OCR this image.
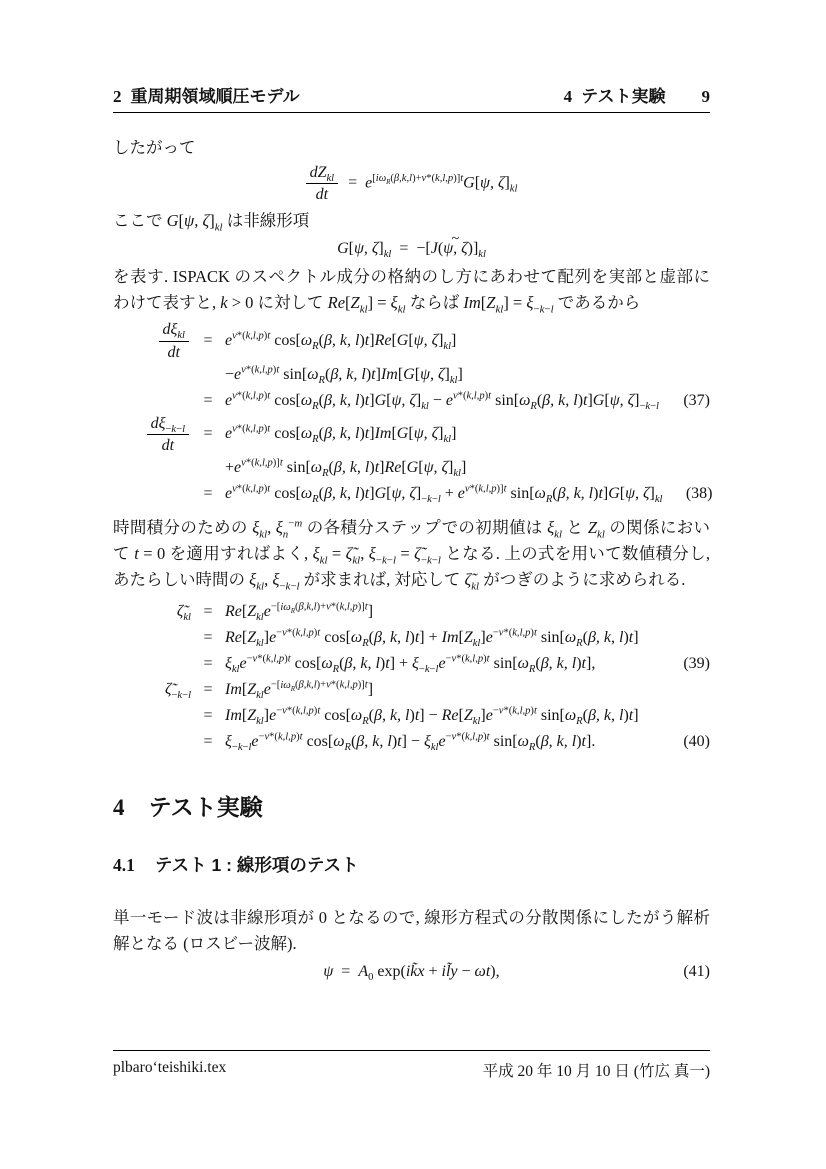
2 重周期領域順圧モデル	4 テスト実験 9
したがって
$dZ_{kl}$
dt
= $e^{[i\omega_R(\beta,k,l)+\nu*(k,l,p)]t}G[\psi$, $\zeta]_{kl}$
ここで G[ψ, $\zeta]_{kl}$ は非線形項
G[ψ, $\zeta]_{kl} = -[J(\psi$, ζ $\sim)]_{kl}$
を表す. ISPACK のスペクトル成分の格納のし方にあわせて配列を実部と虚部にわけて表すと, k > 0 に対して $Re[Z_{kl}] = \xi_{kl}$ ならば $Im[Z_{kl}] = \xi_{-k-l}$ であるから
$d\xi_{kl}$
dt
= $e^{\nu*(k,l,p)t}$ $\cos[\omega_R(\beta$, k, l)t]Re[G[ψ, $\zeta]_{kl}$]
$-e^{\nu*(k,l,p)t}$ $\sin[\omega_R(\beta$, k, l)t]Im[G[ψ, $\zeta]_{kl}$]
= $e^{\nu*(k,l,p)t}$ $\cos[\omega_R(\beta$, k, l)t]G[ψ, $\zeta]_{kl} - e^{\nu*(k,l,p)t}$ $\sin[\omega_R(\beta$, k, l)t]G[ψ, $\zeta]_{-k-l}$	(37)
$\frac{d\xi_{-k-l}}{dt} = e^{\nu*(k,l,p)t}$ $\cos[\omega_R(\beta$, k, l)t]Im[G[ψ, $\zeta]_{kl}$]
$+e^{\nu*(k,l,p)]t}$ $\sin[\omega_R(\beta$, k, l)t]Re[G[ψ, $\zeta]_{kl}$]
= $e^{\nu*(k,l,p)t}$ $\cos[\omega_R(\beta$, k, l)t]G[ψ, $\zeta]_{-k-l} + e^{\nu*(k,l,p)]t}$ $\sin[\omega_R(\beta$, k, l)t]G[ψ, $\zeta]_{kl}$	(38)
時間積分のための $\xi_{kl}$, $\xi_n^{-m}$ の各積分ステップでの初期値は $\xi_{kl}$ と $Z_{kl}$ の関係において t = 0 を適用すればよく, $\xi_{kl}$ = $\zetã_{kl}$, $\xi_{-k-l}$ = $\zetã_{-k-l}$ となる. 上の式を用いて数値積分し, あたらしい時間の $\xi_{kl}$, $\xi_{-k-l}$ が求まれば, 対応して $\zetã_{kl}$ がつぎのように求められる.
$\zetã_{kl} = Re[Z_{kl}e^{-[i\omega_R(\beta,k,l)+\nu*(k,l,p)]t}]$
= $Re[Z_{kl}]e^{-\nu*(k,l,p)t}$ $\cos[\omega_R(\beta$, k, $l)t] + Im[Z_{kl}]e^{-\nu*(k,l,p)t}$ $\sin[\omega_R(\beta$, k, l)t]
= $\xi_{kl}e^{-\nu*(k,l,p)t}$ $\cos[\omega_R(\beta$, k, $l)t] + \xi_{-k-l}e^{-\nu*(k,l,p)t}$ $\sin[\omega_R(\beta$, k, l)t],	(39)
$\zetã_{-k-l} = Im[Z_{kl}e^{-[i\omega_R(\beta,k,l)+\nu*(k,l,p)]t}]$
= $Im[Z_{kl}]e^{-\nu*(k,l,p)t}$ $\cos[\omega_R(\beta$, k, $l)t] - Re[Z_{kl}]e^{-\nu*(k,l,p)t}$ $\sin[\omega_R(\beta$, k, l)t]
= $\xi_{-k-l}e^{-\nu*(k,l,p)t}$ $\cos[\omega_R(\beta$, k, $l)t] - \xi_{kl}e^{-\nu*(k,l,p)t}$ $\sin[\omega_R(\beta$, k, l)t].	(40)
4 テスト実験
4.1 テスト 1 : 線形項のテスト
単一モード波は非線形項が 0 となるので, 線形方程式の分散関係にしたがう解析解となる (ロスビー波解).
$\psi = A_0$ exp(ik̃x + il̃y − ωt),	(41)
plbaro‘teishiki.tex	平成 20 年 10 月 10 日 (竹広 真一)
